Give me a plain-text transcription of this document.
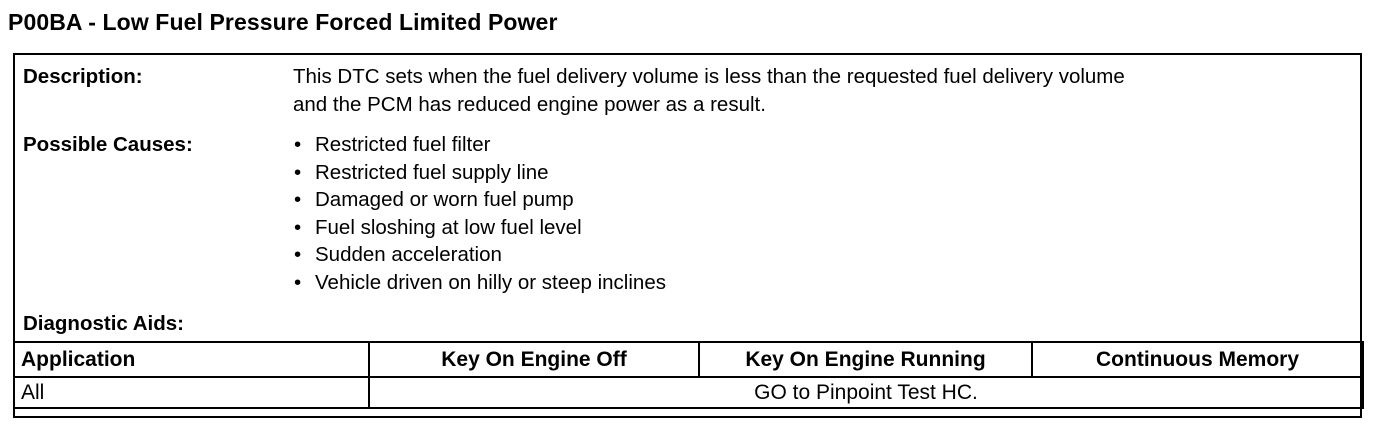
P00BA - Low Fuel Pressure Forced Limited Power
Description:	This DTC sets when the fuel delivery volume is less than the requested fuel delivery volume

and the PCM has reduced engine power as a result.

Possible Causes:	• Restricted fuel filter
• Restricted fuel supply line
• Damaged or worn fuel pump
• Fuel sloshing at low fuel level
• Sudden acceleration
• Vehicle driven on hilly or steep inclines
Diagnostic Aids:
Application	Key On Engine Off	Key On Engine Running	Continuous Memory
All	GO to Pinpoint Test HC.		
